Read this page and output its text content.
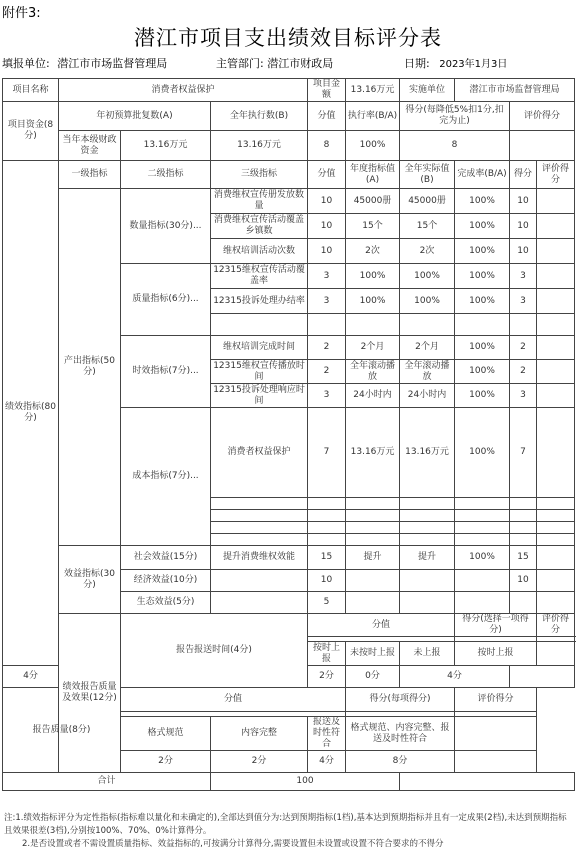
附件3:
潜江市项目支出绩效目标评分表
填报单位: 潜江市市场监督管理局	主管部门: 潜江市财政局	日期: 2023年1月3日
项目名称	消费者权益保护			项目金额	13.16万元	实施单位	潜江市市场监督管理局		
项目资金(8分)	年初预算批复数(A)		全年执行数(B)	分值	执行率(B/A)	得分(每降低5%扣1分,扣完为止)		评价得分	
	当年本级财政资金	13.16万元	13.16万元	8	100%	8			
绩效指标(80分)	一级指标	二级指标	三级指标	分值	年度指标值(A)	全年实际值(B)	完成率(B/A)	得分	评价得分
	产出指标(50分)	数量指标(30分)...	消费维权宣传册发放数量	10	45000册	45000册	100%	10	
			消费维权宣传活动覆盖乡镇数	10	15个	15个	100%	10	
			维权培训活动次数	10	2次	2次	100%	10	
		质量指标(6分)...	12315维权宣传活动覆盖率	3	100%	100%	100%	3	
			12315投诉处理办结率	3	100%	100%	100%	3	

		时效指标(7分)...	维权培训完成时间	2	2个月	2个月	100%	2	
			12315维权宣传播放时间	2	全年滚动播放	全年滚动播放	100%	2	
			12315投诉处理响应时间	3	24小时内	24小时内	100%	3	
		成本指标(7分)...	消费者权益保护	7	13.16万元	13.16万元	100%	7	

	效益指标(30分)	社会效益(15分)	提升消费维权效能	15	提升	提升	100%	15	
		经济效益(10分)		10				10	
		生态效益(5分)		5					
	绩效报告质量及效果(12分)	报告报送时间(4分)		分值			得分(选择一项得分)		评价得分

				按时上报	未按时上报	未上报	按时上报		
4分				2分	0分	4分			
报告质量(8分)		分值			得分(每项得分)		评价得分		

		格式规范	内容完整	报送及时性符合	格式规范、内容完整、报送及时性符合				
		2分	2分	4分	8分				
合计			100						
注:1.绩效指标评分为定性指标(指标难以量化和未确定的),全部达到值分为:达到预期指标(1档),基本达到预期指标并且有一定成果(2档),未达到预期指标且效果很差(3档),分别按100%、70%、0%计算得分。
2.是否设置或者不需设置质量指标、效益指标的,可按满分计算得分,需要设置但未设置或设置不符合要求的不得分
